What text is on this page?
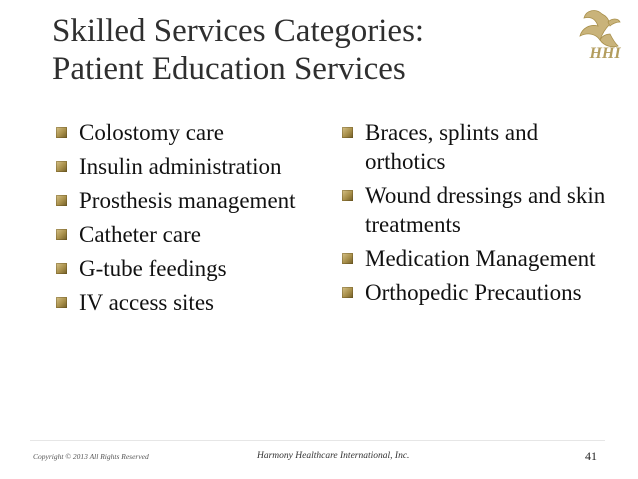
Skilled Services Categories:
Patient Education Services	HHI
Colostomy care
Insulin administration
Prosthesis management
Catheter care
G-tube feedings
IV access sites
Braces, splints and orthotics
Wound dressings and skin treatments
Medication Management
Orthopedic Precautions
Copyright © 2013 All Rights Reserved	Harmony Healthcare International, Inc.	41
